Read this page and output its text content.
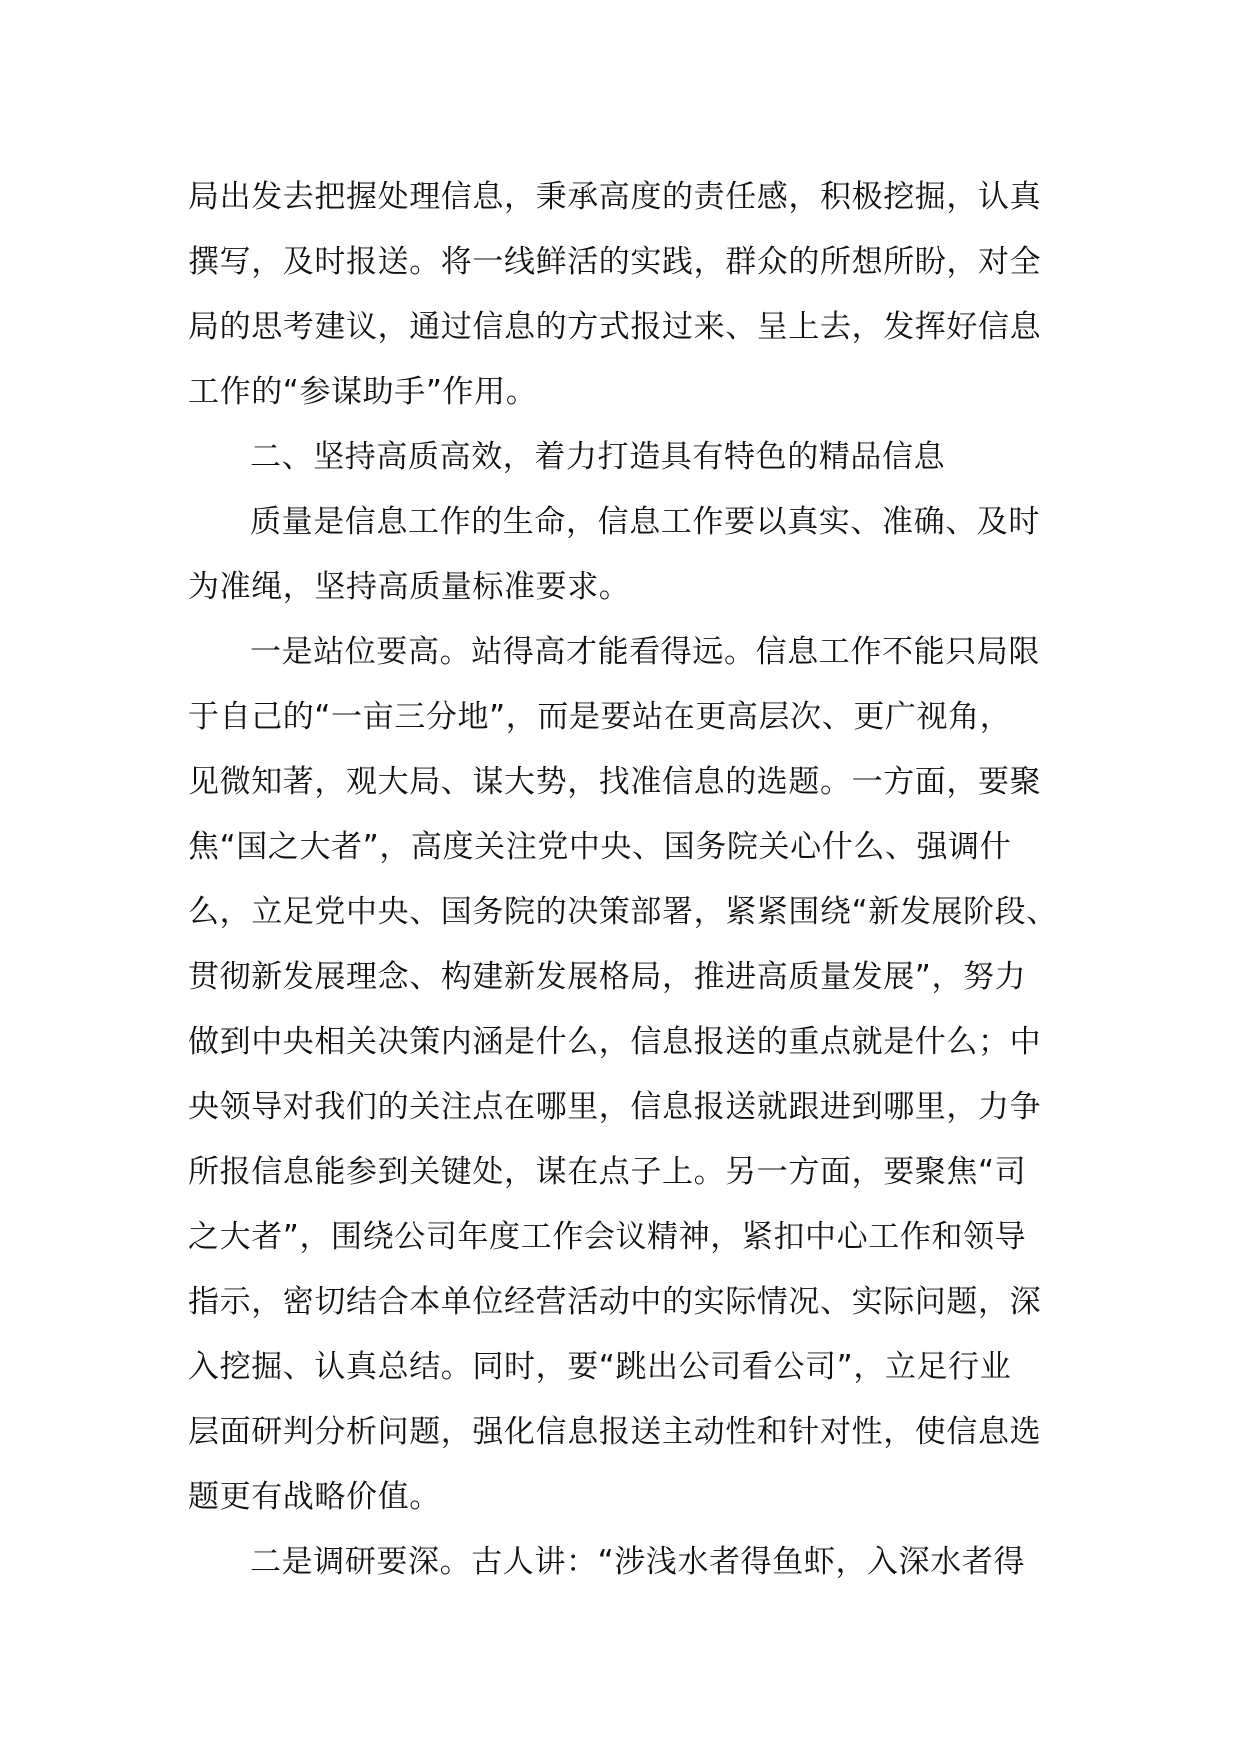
局出发去把握处理信息，秉承高度的责任感，积极挖掘，认真
撰写，及时报送。将一线鲜活的实践，群众的所想所盼，对全
局的思考建议，通过信息的方式报过来、呈上去，发挥好信息
工作的“参谋助手”作用。
二、坚持高质高效，着力打造具有特色的精品信息
质量是信息工作的生命，信息工作要以真实、准确、及时
为准绳，坚持高质量标准要求。
一是站位要高。站得高才能看得远。信息工作不能只局限
于自己的“一亩三分地”，而是要站在更高层次、更广视角，
见微知著，观大局、谋大势，找准信息的选题。一方面，要聚
焦“国之大者”，高度关注党中央、国务院关心什么、强调什
么，立足党中央、国务院的决策部署，紧紧围绕“新发展阶段、
贯彻新发展理念、构建新发展格局，推进高质量发展”，努力
做到中央相关决策内涵是什么，信息报送的重点就是什么；中
央领导对我们的关注点在哪里，信息报送就跟进到哪里，力争
所报信息能参到关键处，谋在点子上。另一方面，要聚焦“司
之大者”，围绕公司年度工作会议精神，紧扣中心工作和领导
指示，密切结合本单位经营活动中的实际情况、实际问题，深
入挖掘、认真总结。同时，要“跳出公司看公司”，立足行业
层面研判分析问题，强化信息报送主动性和针对性，使信息选
题更有战略价值。
二是调研要深。古人讲：“涉浅水者得鱼虾，入深水者得
